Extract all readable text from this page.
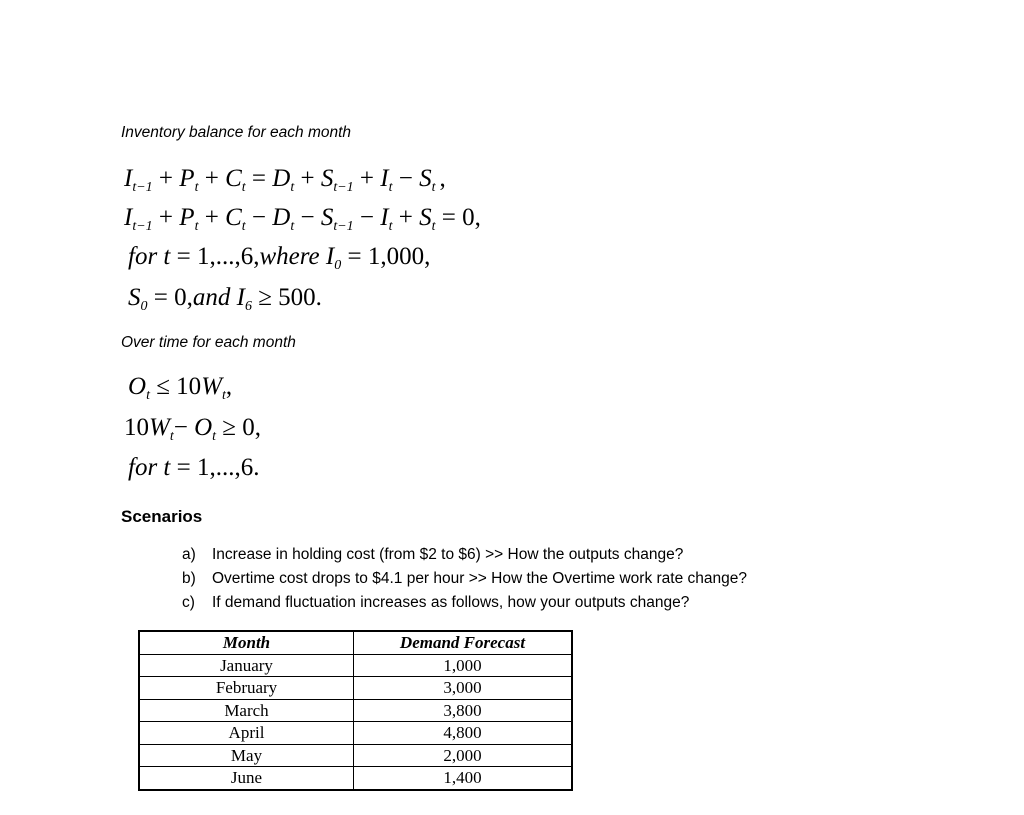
Inventory balance for each month
$I_{t-1} + P_t + C_t = D_t + S_{t-1} + I_t - S_t$ ,
$I_{t-1} + P_t + C_t - D_t - S_{t-1} - I_t + S_t = 0$,
for t = 1,...,6,where $I_0 = 1,000$,
$S_0 = 0,and$ $I_6 \ge 500$.
Over time for each month
$O_t \le 10W_t$,
$10W_t- O_t \ge 0$,
for t = 1,...,6.
Scenarios
a) Increase in holding cost (from $2 to $6) >> How the outputs change?
b) Overtime cost drops to $4.1 per hour >> How the Overtime work rate change?
c) If demand fluctuation increases as follows, how your outputs change?
Month	Demand Forecast
January	1,000
February	3,000
March	3,800
April	4,800
May	2,000
June	1,400
